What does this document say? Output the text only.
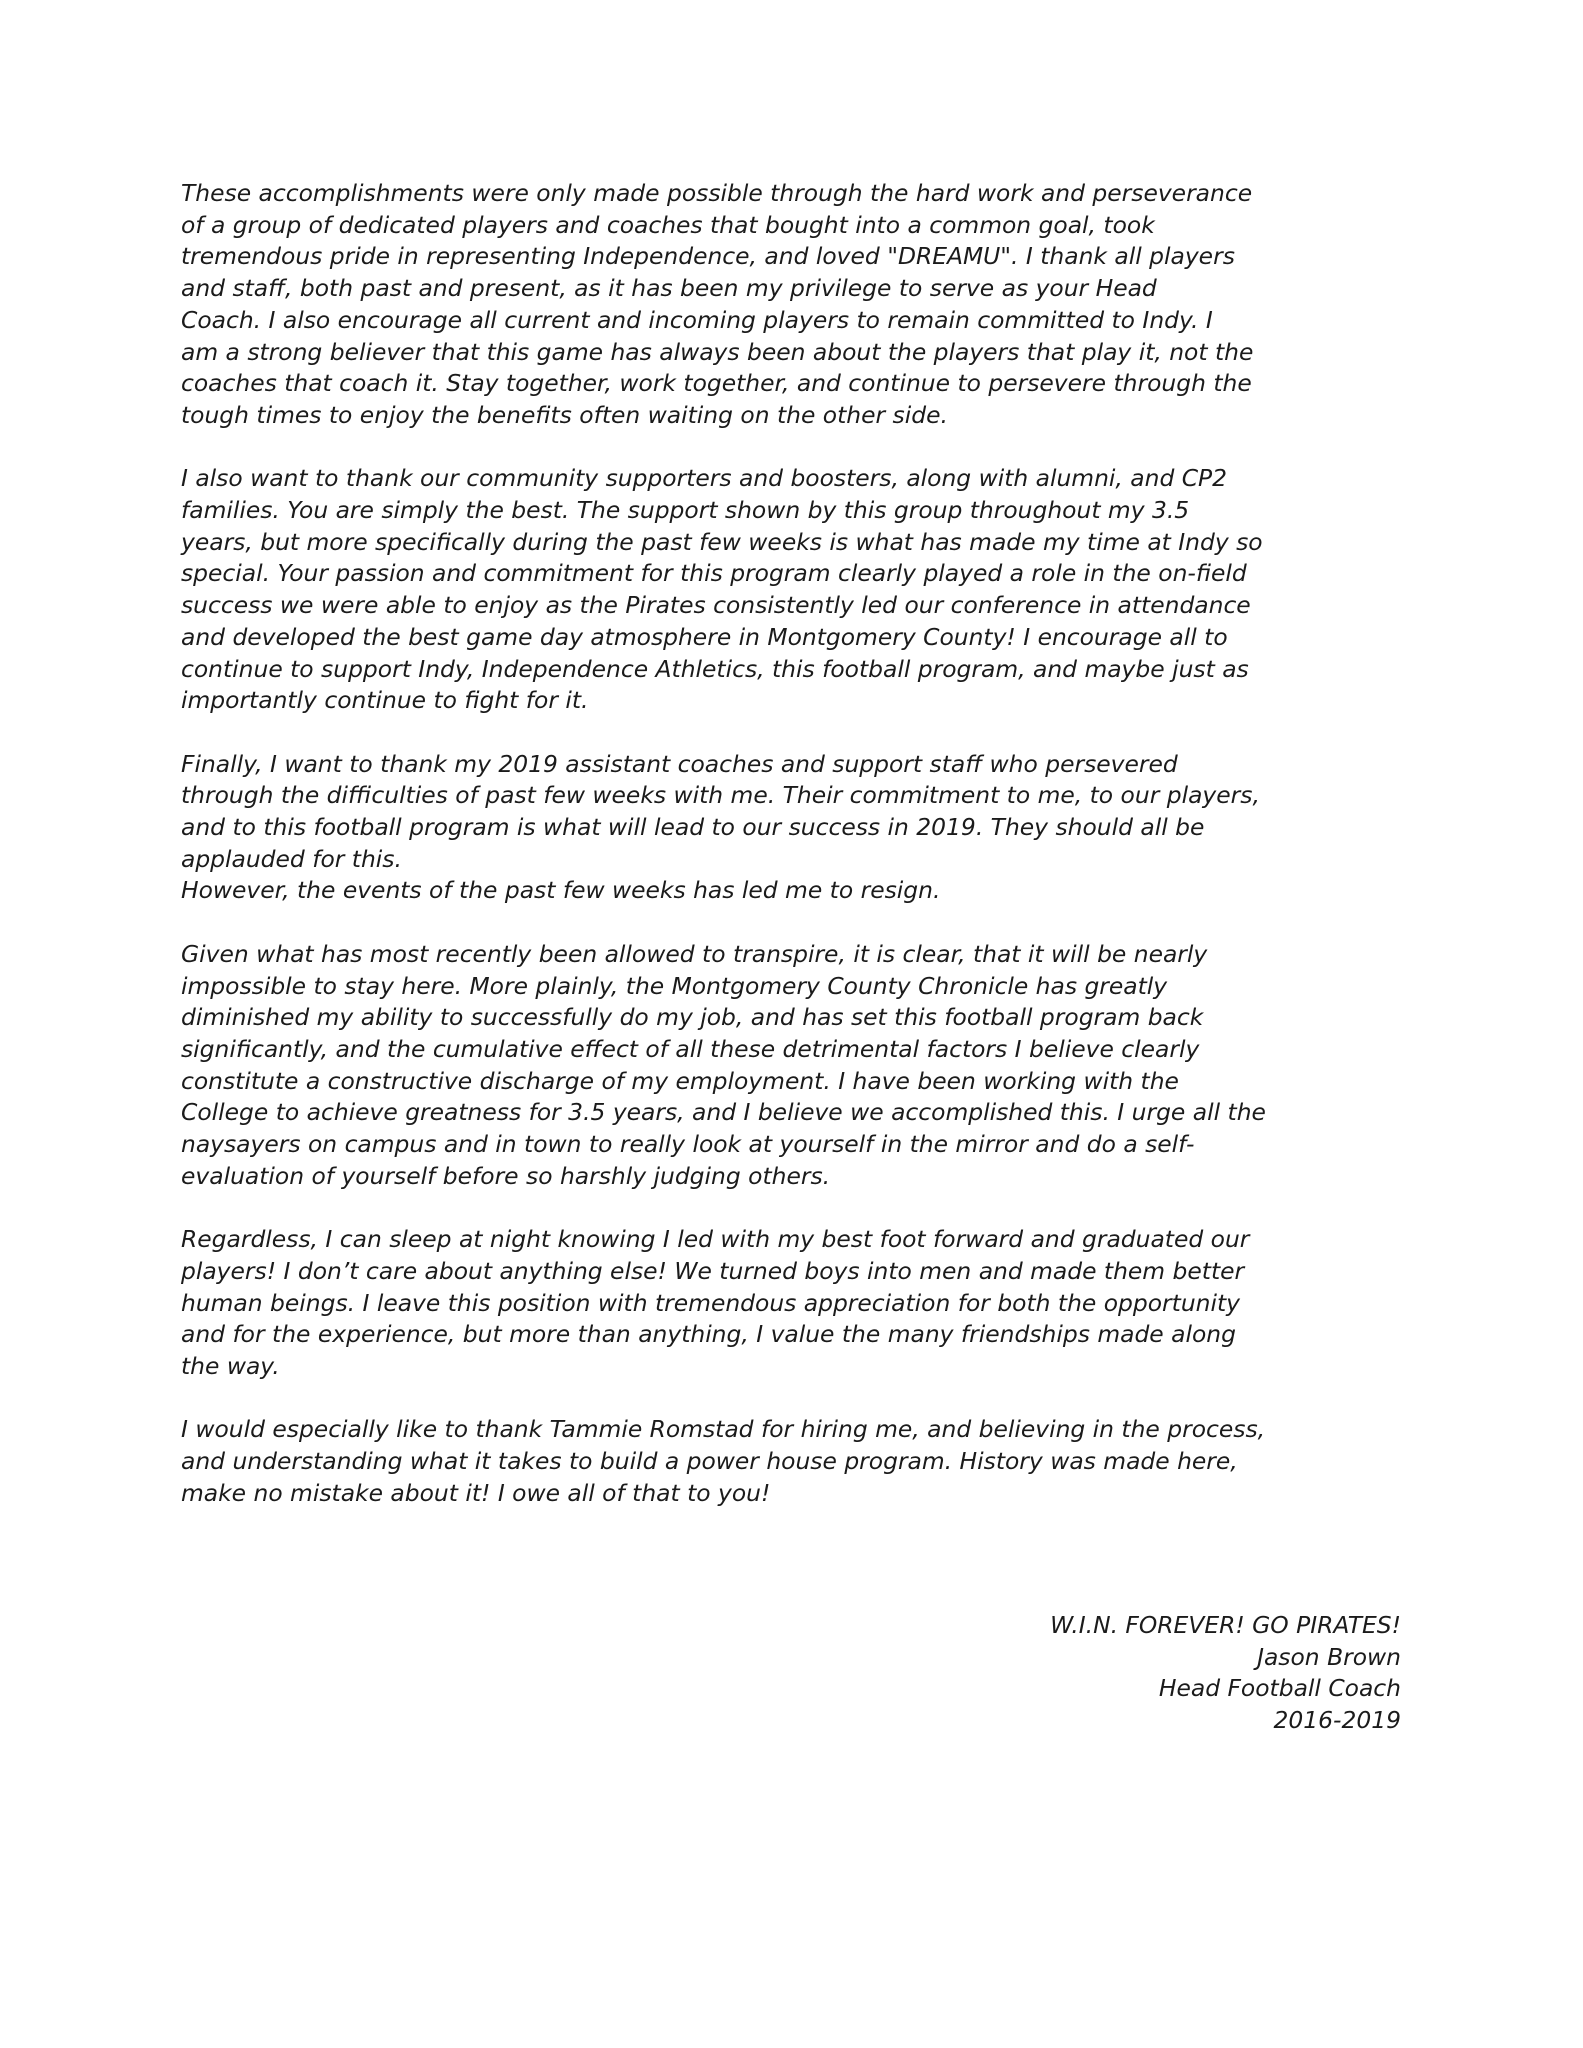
These accomplishments were only made possible through the hard work and perseverance
of a group of dedicated players and coaches that bought into a common goal, took
tremendous pride in representing Independence, and loved "DREAMU". I thank all players
and staff, both past and present, as it has been my privilege to serve as your Head
Coach. I also encourage all current and incoming players to remain committed to Indy. I
am a strong believer that this game has always been about the players that play it, not the
coaches that coach it. Stay together, work together, and continue to persevere through the
tough times to enjoy the benefits often waiting on the other side.
I also want to thank our community supporters and boosters, along with alumni, and CP2
families. You are simply the best. The support shown by this group throughout my 3.5
years, but more specifically during the past few weeks is what has made my time at Indy so
special. Your passion and commitment for this program clearly played a role in the on-field
success we were able to enjoy as the Pirates consistently led our conference in attendance
and developed the best game day atmosphere in Montgomery County! I encourage all to
continue to support Indy, Independence Athletics, this football program, and maybe just as
importantly continue to fight for it.
Finally, I want to thank my 2019 assistant coaches and support staff who persevered
through the difficulties of past few weeks with me. Their commitment to me, to our players,
and to this football program is what will lead to our success in 2019. They should all be
applauded for this.
However, the events of the past few weeks has led me to resign.
Given what has most recently been allowed to transpire, it is clear, that it will be nearly
impossible to stay here. More plainly, the Montgomery County Chronicle has greatly
diminished my ability to successfully do my job, and has set this football program back
significantly, and the cumulative effect of all these detrimental factors I believe clearly
constitute a constructive discharge of my employment. I have been working with the
College to achieve greatness for 3.5 years, and I believe we accomplished this. I urge all the
naysayers on campus and in town to really look at yourself in the mirror and do a self-
evaluation of yourself before so harshly judging others.
Regardless, I can sleep at night knowing I led with my best foot forward and graduated our
players! I don’t care about anything else! We turned boys into men and made them better
human beings. I leave this position with tremendous appreciation for both the opportunity
and for the experience, but more than anything, I value the many friendships made along
the way.
I would especially like to thank Tammie Romstad for hiring me, and believing in the process,
and understanding what it takes to build a power house program. History was made here,
make no mistake about it! I owe all of that to you!
W.I.N. FOREVER! GO PIRATES!
Jason Brown
Head Football Coach
2016-2019
